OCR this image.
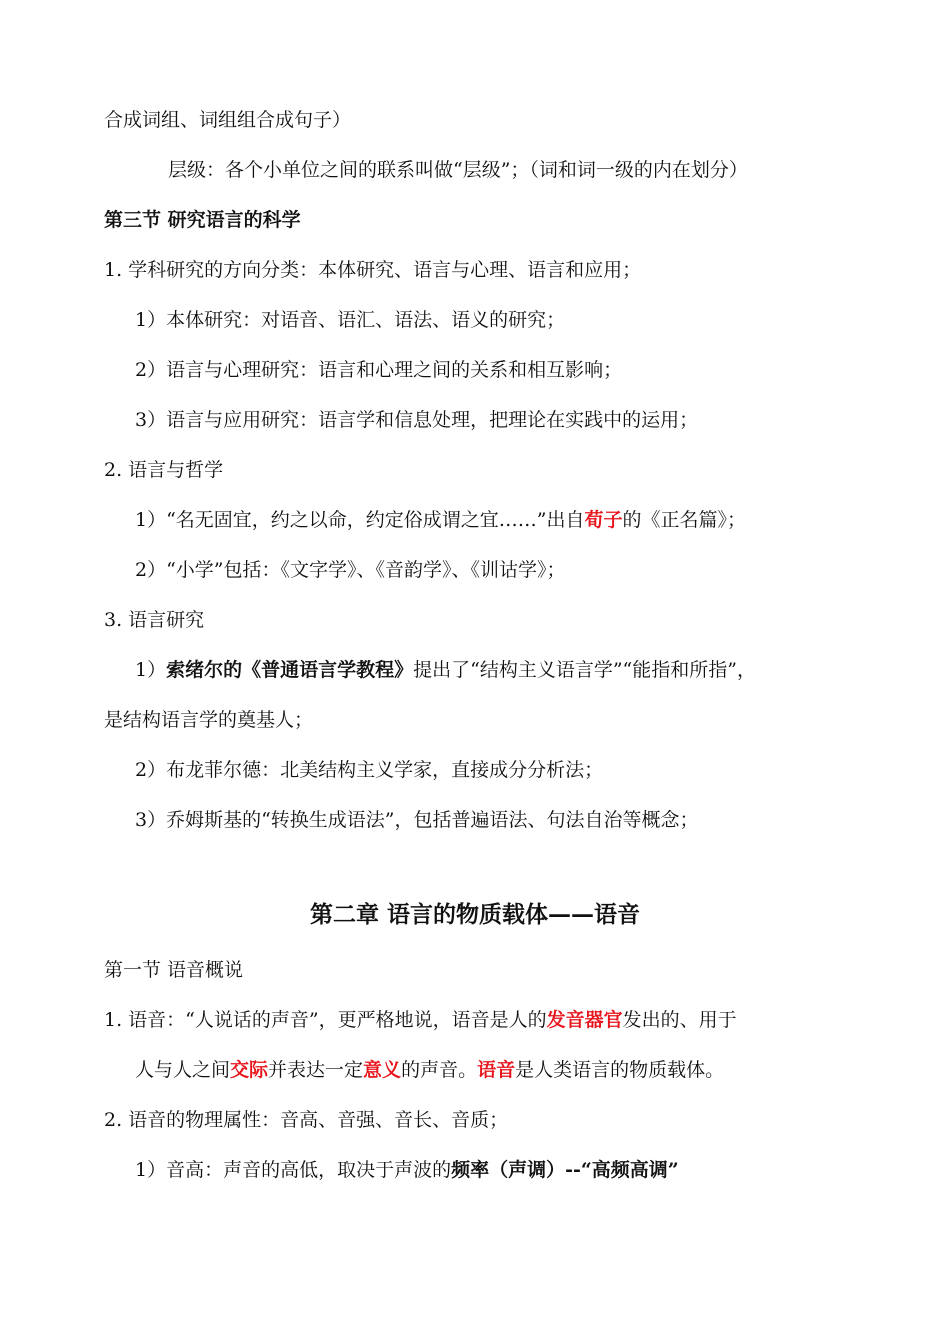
合成词组、词组组合成句子）
层级：各个小单位之间的联系叫做“层级”；（词和词一级的内在划分）
第三节 研究语言的科学
1. 学科研究的方向分类：本体研究、语言与心理、语言和应用；
1）本体研究：对语音、语汇、语法、语义的研究；
2）语言与心理研究：语言和心理之间的关系和相互影响；
3）语言与应用研究：语言学和信息处理，把理论在实践中的运用；
2. 语言与哲学
1）“名无固宜，约之以命，约定俗成谓之宜……”出自荀子的《正名篇》；
2）“小学”包括：《文字学》、《音韵学》、《训诂学》；
3. 语言研究
1）索绪尔的《普通语言学教程》提出了“结构主义语言学”“能指和所指”，
是结构语言学的奠基人；
2）布龙菲尔德：北美结构主义学家，直接成分分析法；
3）乔姆斯基的“转换生成语法”，包括普遍语法、句法自治等概念；
第二章 语言的物质载体——语音
第一节 语音概说
1. 语音：“人说话的声音”，更严格地说，语音是人的发音器官发出的、用于
人与人之间交际并表达一定意义的声音。语音是人类语言的物质载体。
2. 语音的物理属性：音高、音强、音长、音质；
1）音高：声音的高低，取决于声波的频率（声调）--“高频高调”
